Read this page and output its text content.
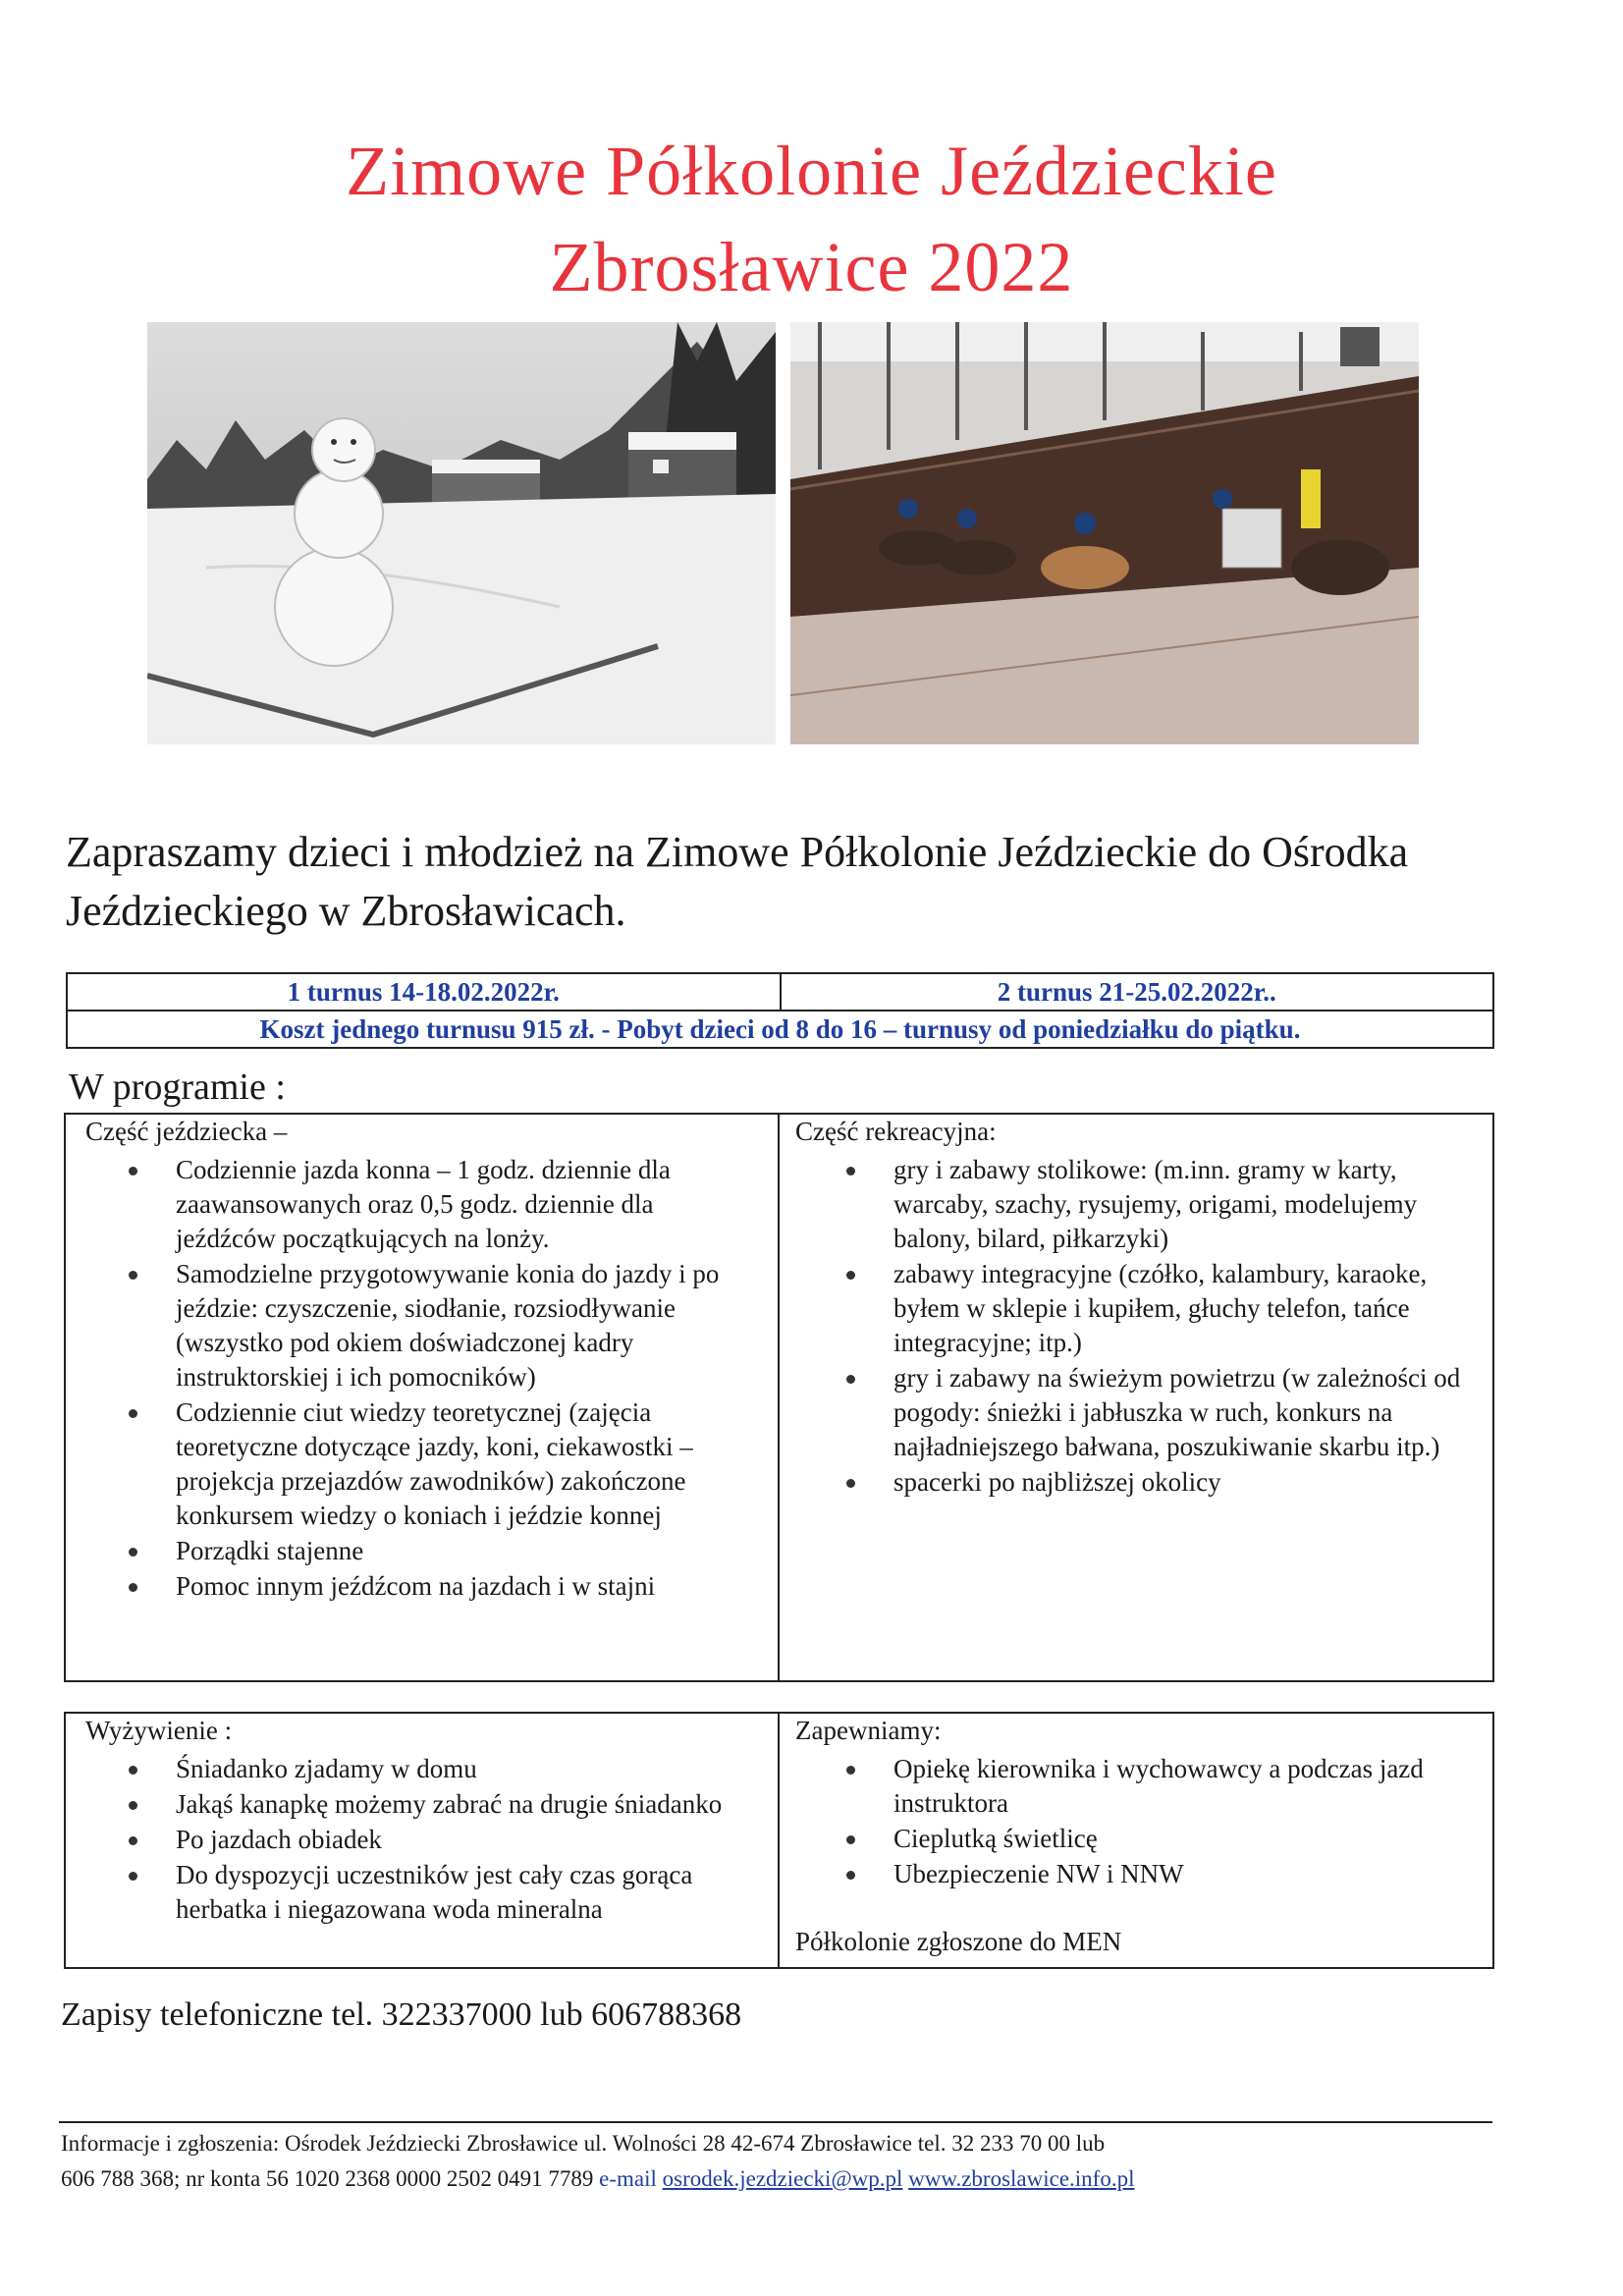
Zimowe Półkolonie Jeździeckie
Zbrosławice 2022
Zapraszamy dzieci i młodzież na Zimowe Półkolonie Jeździeckie do Ośrodka Jeździeckiego w Zbrosławicach.
1 turnus 14-18.02.2022r.	2 turnus 21-25.02.2022r..
Koszt jednego turnusu 915 zł. - Pobyt dzieci od 8 do 16 – turnusy od poniedziałku do piątku.
W programie :
Część jeździecka –
Codziennie jazda konna – 1 godz. dziennie dla zaawansowanych oraz 0,5 godz. dziennie dla jeźdźców początkujących na lonży.
Samodzielne przygotowywanie konia do jazdy i po jeździe: czyszczenie, siodłanie, rozsiodływanie (wszystko pod okiem doświadczonej kadry instruktorskiej i ich pomocników)
Codziennie ciut wiedzy teoretycznej (zajęcia teoretyczne dotyczące jazdy, koni, ciekawostki – projekcja przejazdów zawodników) zakończone konkursem wiedzy o koniach i jeździe konnej
Porządki stajenne
Pomoc innym jeźdźcom na jazdach i w stajni
Część rekreacyjna:
gry i zabawy stolikowe: (m.inn. gramy w karty, warcaby, szachy, rysujemy, origami, modelujemy balony, bilard, piłkarzyki)
zabawy integracyjne (czółko, kalambury, karaoke, byłem w sklepie i kupiłem, głuchy telefon, tańce integracyjne; itp.)
gry i zabawy na świeżym powietrzu (w zależności od pogody: śnieżki i jabłuszka w ruch, konkurs na najładniejszego bałwana, poszukiwanie skarbu itp.)
spacerki po najbliższej okolicy
Wyżywienie :
Śniadanko zjadamy w domu
Jakąś kanapkę możemy zabrać na drugie śniadanko
Po jazdach obiadek
Do dyspozycji uczestników jest cały czas gorąca herbatka i niegazowana woda mineralna
Zapewniamy:
Opiekę kierownika i wychowawcy a podczas jazd instruktora
Cieplutką świetlicę
Ubezpieczenie NW i NNW
Półkolonie zgłoszone do MEN
Zapisy telefoniczne tel. 322337000 lub 606788368
Informacje i zgłoszenia: Ośrodek Jeździecki Zbrosławice ul. Wolności 28 42-674 Zbrosławice tel. 32 233 70 00 lub
606 788 368; nr konta 56 1020 2368 0000 2502 0491 7789 e-mail osrodek.jezdziecki@wp.pl www.zbroslawice.info.pl
